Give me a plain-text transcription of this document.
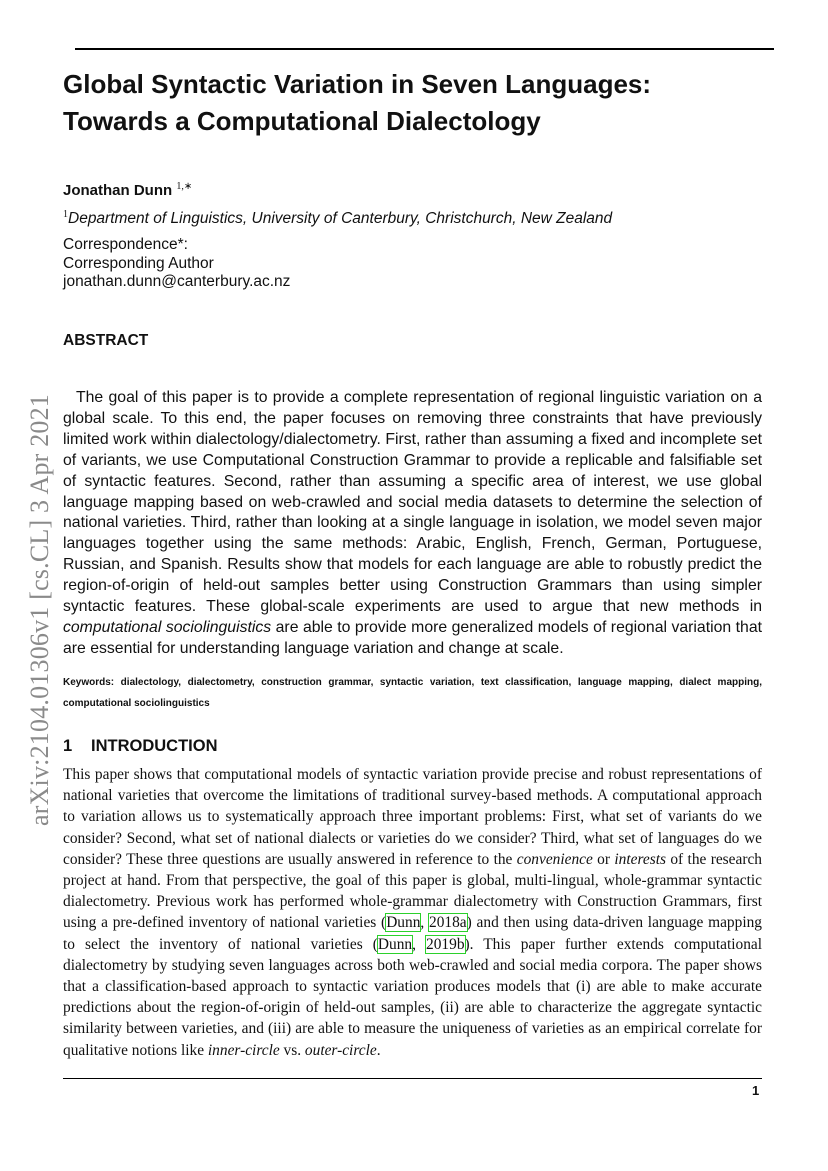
Global Syntactic Variation in Seven Languages: Towards a Computational Dialectology
Jonathan Dunn $^{1,∗}$
$^1$Department of Linguistics, University of Canterbury, Christchurch, New Zealand
Correspondence*:
Corresponding Author
jonathan.dunn@canterbury.ac.nz
ABSTRACT
The goal of this paper is to provide a complete representation of regional linguistic variation on a global scale. To this end, the paper focuses on removing three constraints that have previously limited work within dialectology/dialectometry. First, rather than assuming a fixed and incomplete set of variants, we use Computational Construction Grammar to provide a replicable and falsifiable set of syntactic features. Second, rather than assuming a specific area of interest, we use global language mapping based on web-crawled and social media datasets to determine the selection of national varieties. Third, rather than looking at a single language in isolation, we model seven major languages together using the same methods: Arabic, English, French, German, Portuguese, Russian, and Spanish. Results show that models for each language are able to robustly predict the region-of-origin of held-out samples better using Construction Grammars than using simpler syntactic features. These global-scale experiments are used to argue that new methods in computational sociolinguistics are able to provide more generalized models of regional variation that are essential for understanding language variation and change at scale.
Keywords: dialectology, dialectometry, construction grammar, syntactic variation, text classification, language mapping, dialect mapping, computational sociolinguistics
1 INTRODUCTION
This paper shows that computational models of syntactic variation provide precise and robust representations of national varieties that overcome the limitations of traditional survey-based methods. A computational approach to variation allows us to systematically approach three important problems: First, what set of variants do we consider? Second, what set of national dialects or varieties do we consider? Third, what set of languages do we consider? These three questions are usually answered in reference to the convenience or interests of the research project at hand. From that perspective, the goal of this paper is global, multi-lingual, whole-grammar syntactic dialectometry. Previous work has performed whole-grammar dialectometry with Construction Grammars, first using a pre-defined inventory of national varieties (Dunn, 2018a) and then using data-driven language mapping to select the inventory of national varieties (Dunn, 2019b). This paper further extends computational dialectometry by studying seven languages across both web-crawled and social media corpora. The paper shows that a classification-based approach to syntactic variation produces models that (i) are able to make accurate predictions about the region-of-origin of held-out samples, (ii) are able to characterize the aggregate syntactic similarity between varieties, and (iii) are able to measure the uniqueness of varieties as an empirical correlate for qualitative notions like inner-circle vs. outer-circle.
1
arXiv:2104.01306v1 [cs.CL] 3 Apr 2021
